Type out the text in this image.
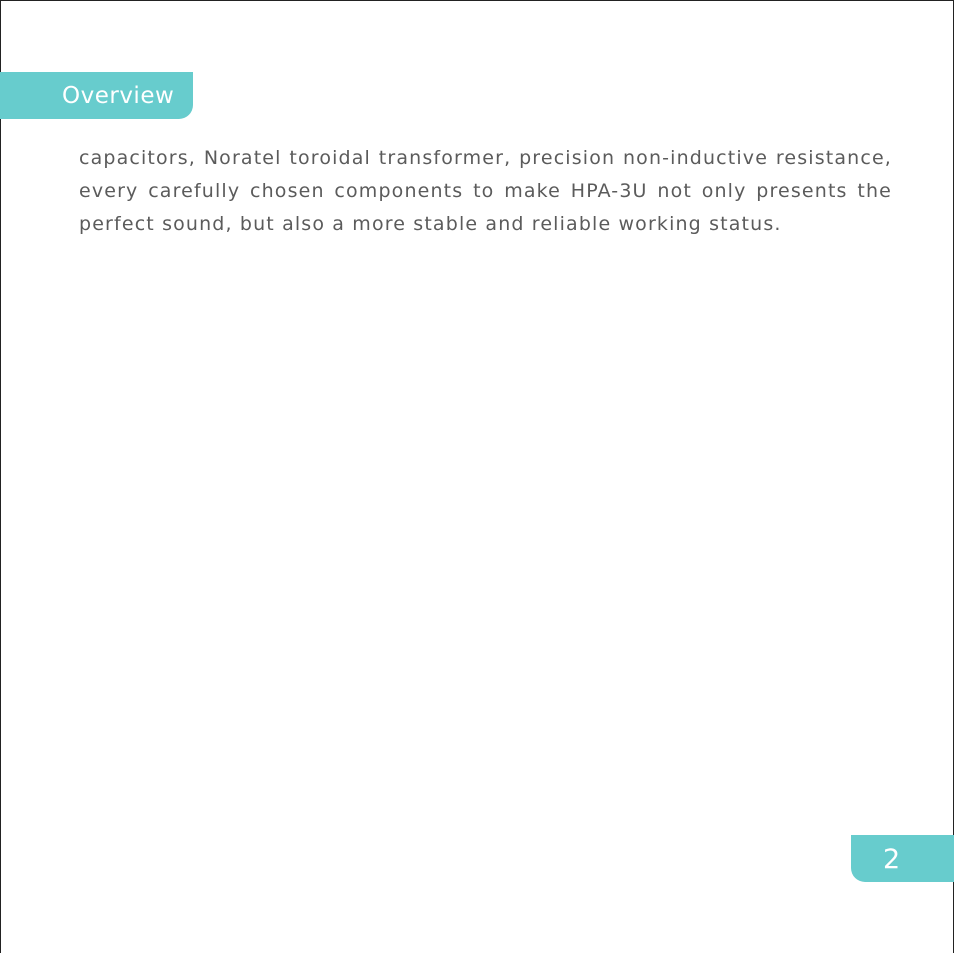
Overview

capacitors, Noratel toroidal transformer, precision non-inductive resistance, every carefully chosen components to make HPA-3U not only presents the perfect sound, but also a more stable and reliable working status.

2
